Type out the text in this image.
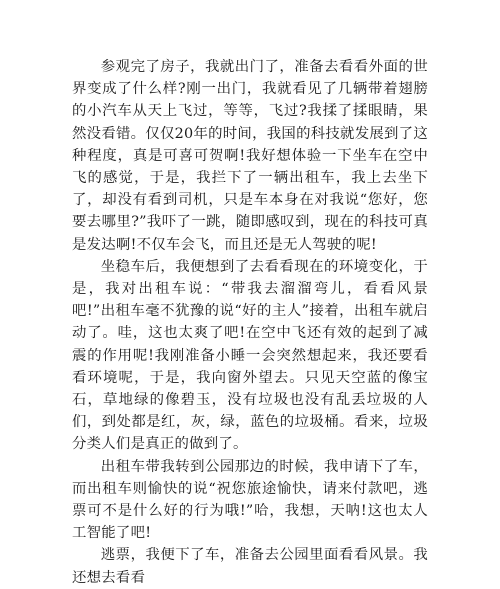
参观完了房子，我就出门了，准备去看看外面的世界变成了什么样?刚一出门，我就看见了几辆带着翅膀的小汽车从天上飞过，等等，飞过?我揉了揉眼睛，果然没看错。仅仅20年的时间，我国的科技就发展到了这种程度，真是可喜可贺啊!我好想体验一下坐车在空中飞的感觉，于是，我拦下了一辆出租车，我上去坐下了，却没有看到司机，只是车本身在对我说“您好，您要去哪里?”我吓了一跳，随即感叹到，现在的科技可真是发达啊!不仅车会飞，而且还是无人驾驶的呢!

坐稳车后，我便想到了去看看现在的环境变化，于是，我对出租车说：“带我去溜溜弯儿，看看风景吧!”出租车毫不犹豫的说“好的主人”接着，出租车就启动了。哇，这也太爽了吧!在空中飞还有效的起到了减震的作用呢!我刚准备小睡一会突然想起来，我还要看看环境呢，于是，我向窗外望去。只见天空蓝的像宝石，草地绿的像碧玉，没有垃圾也没有乱丢垃圾的人们，到处都是红，灰，绿，蓝色的垃圾桶。看来，垃圾分类人们是真正的做到了。

出租车带我转到公园那边的时候，我申请下了车，而出租车则愉快的说“祝您旅途愉快，请来付款吧，逃票可不是什么好的行为哦!”哈，我想，天呐!这也太人工智能了吧!

逃票，我便下了车，准备去公园里面看看风景。我还想去看看
